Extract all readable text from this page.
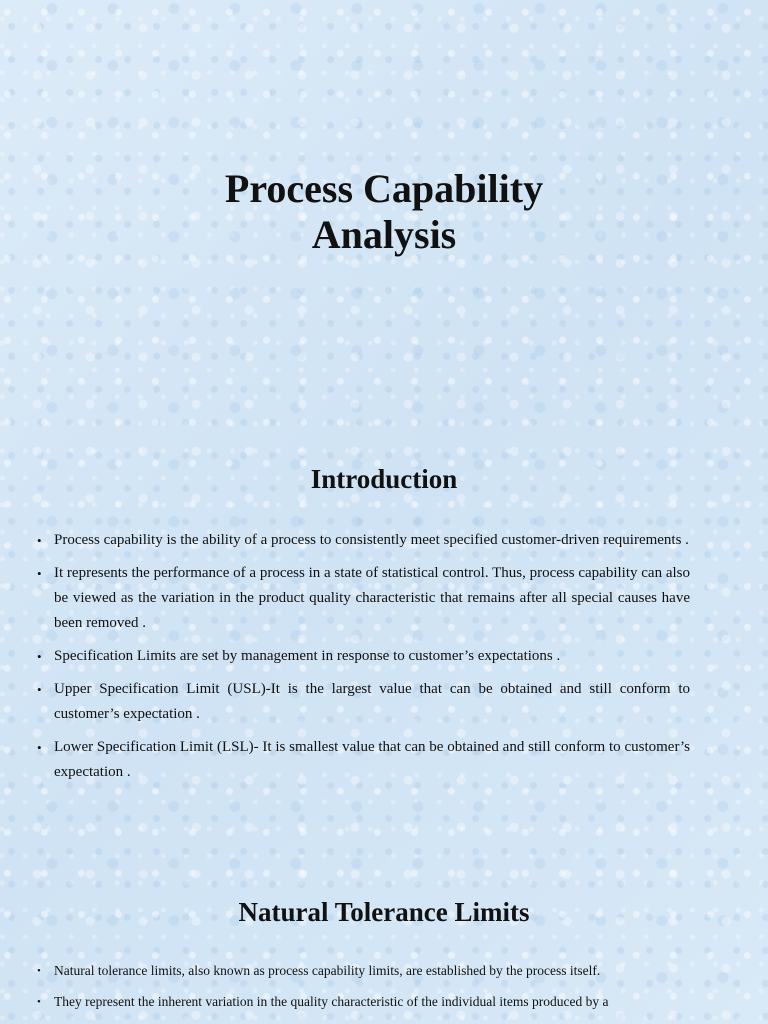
Process Capability
Analysis
Introduction
• Process capability is the ability of a process to consistently meet specified customer-driven requirements .
• It represents the performance of a process in a state of statistical control. Thus, process capability can also be viewed as the variation in the product quality characteristic that remains after all special causes have been removed .
• Specification Limits are set by management in response to customer’s expectations .
• Upper Specification Limit (USL)-It is the largest value that can be obtained and still conform to customer’s expectation .
• Lower Specification Limit (LSL)- It is smallest value that can be obtained and still conform to customer’s expectation .
Natural Tolerance Limits
• Natural tolerance limits, also known as process capability limits, are established by the process itself.
• They represent the inherent variation in the quality characteristic of the individual items produced by a
